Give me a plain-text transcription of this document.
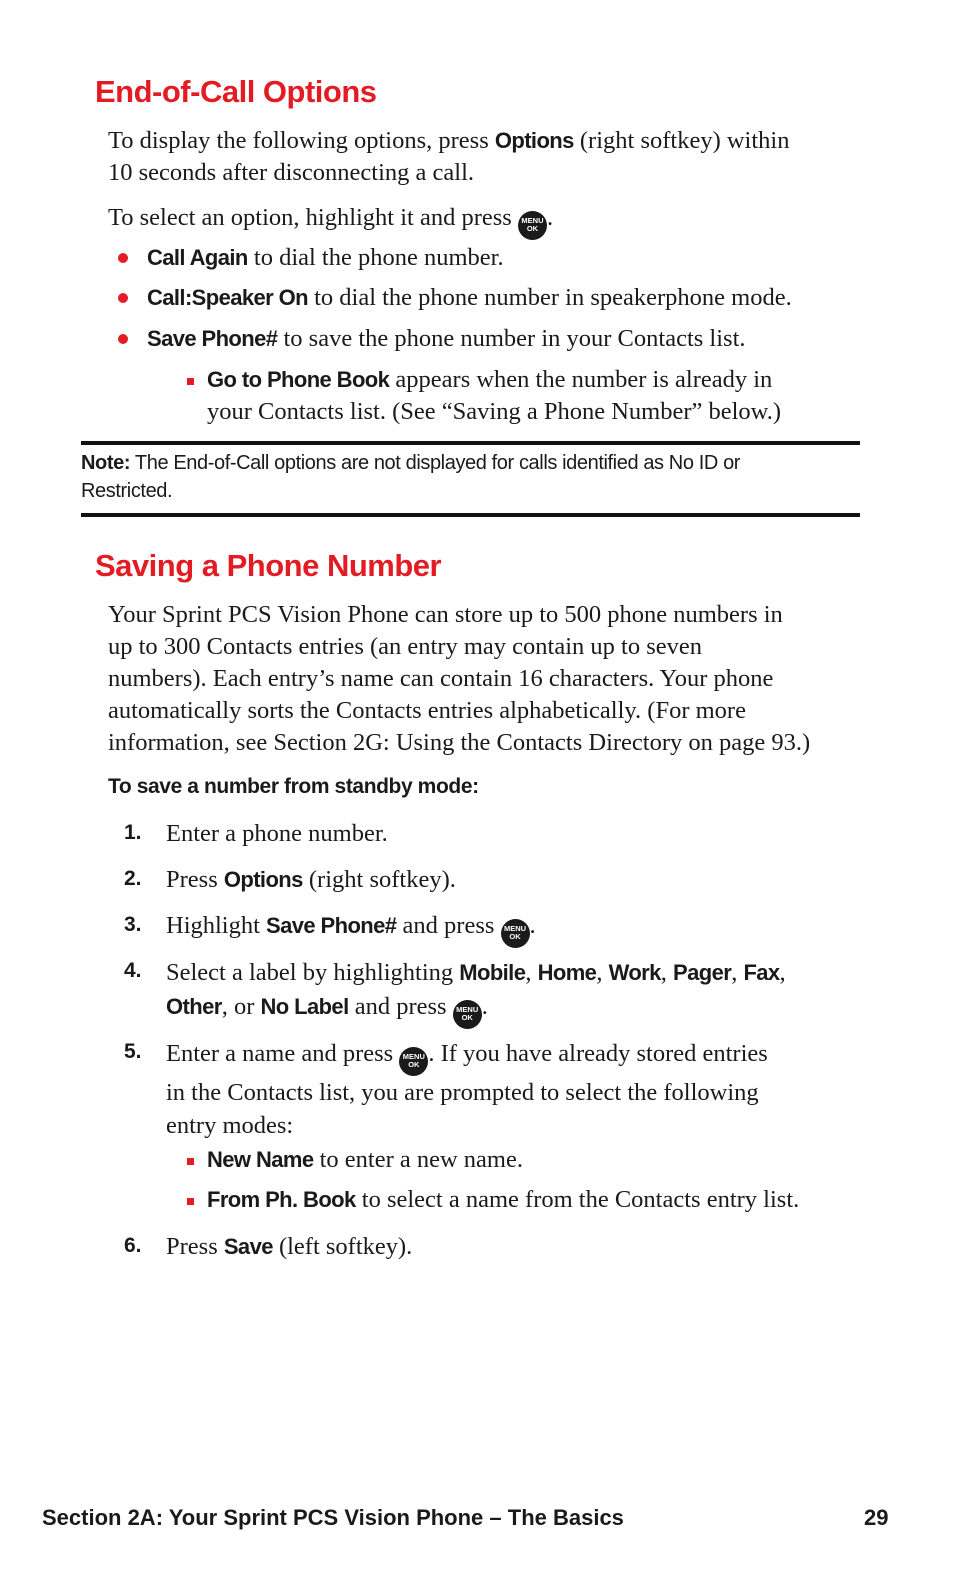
End-of-Call Options
To display the following options, press Options (right softkey) within
10 seconds after disconnecting a call.
To select an option, highlight it and press MENU
OK .
Call Again to dial the phone number.
Call:Speaker On to dial the phone number in speakerphone mode.
Save Phone# to save the phone number in your Contacts list.
Go to Phone Book appears when the number is already in
your Contacts list. (See “Saving a Phone Number” below.)
Note: The End-of-Call options are not displayed for calls identified as No ID or
Restricted.
Saving a Phone Number
Your Sprint PCS Vision Phone can store up to 500 phone numbers in
up to 300 Contacts entries (an entry may contain up to seven
numbers). Each entry’s name can contain 16 characters. Your phone
automatically sorts the Contacts entries alphabetically. (For more
information, see Section 2G: Using the Contacts Directory on page 93.)
To save a number from standby mode:
1. Enter a phone number.
2. Press Options (right softkey).
3. Highlight Save Phone# and press MENU
OK .
4. Select a label by highlighting Mobile, Home, Work, Pager, Fax,
Other, or No Label and press MENU
OK .
5. Enter a name and press MENU
OK . If you have already stored entries
in the Contacts list, you are prompted to select the following
entry modes:
New Name to enter a new name.
From Ph. Book to select a name from the Contacts entry list.
6. Press Save (left softkey).
Section 2A: Your Sprint PCS Vision Phone – The Basics	29
